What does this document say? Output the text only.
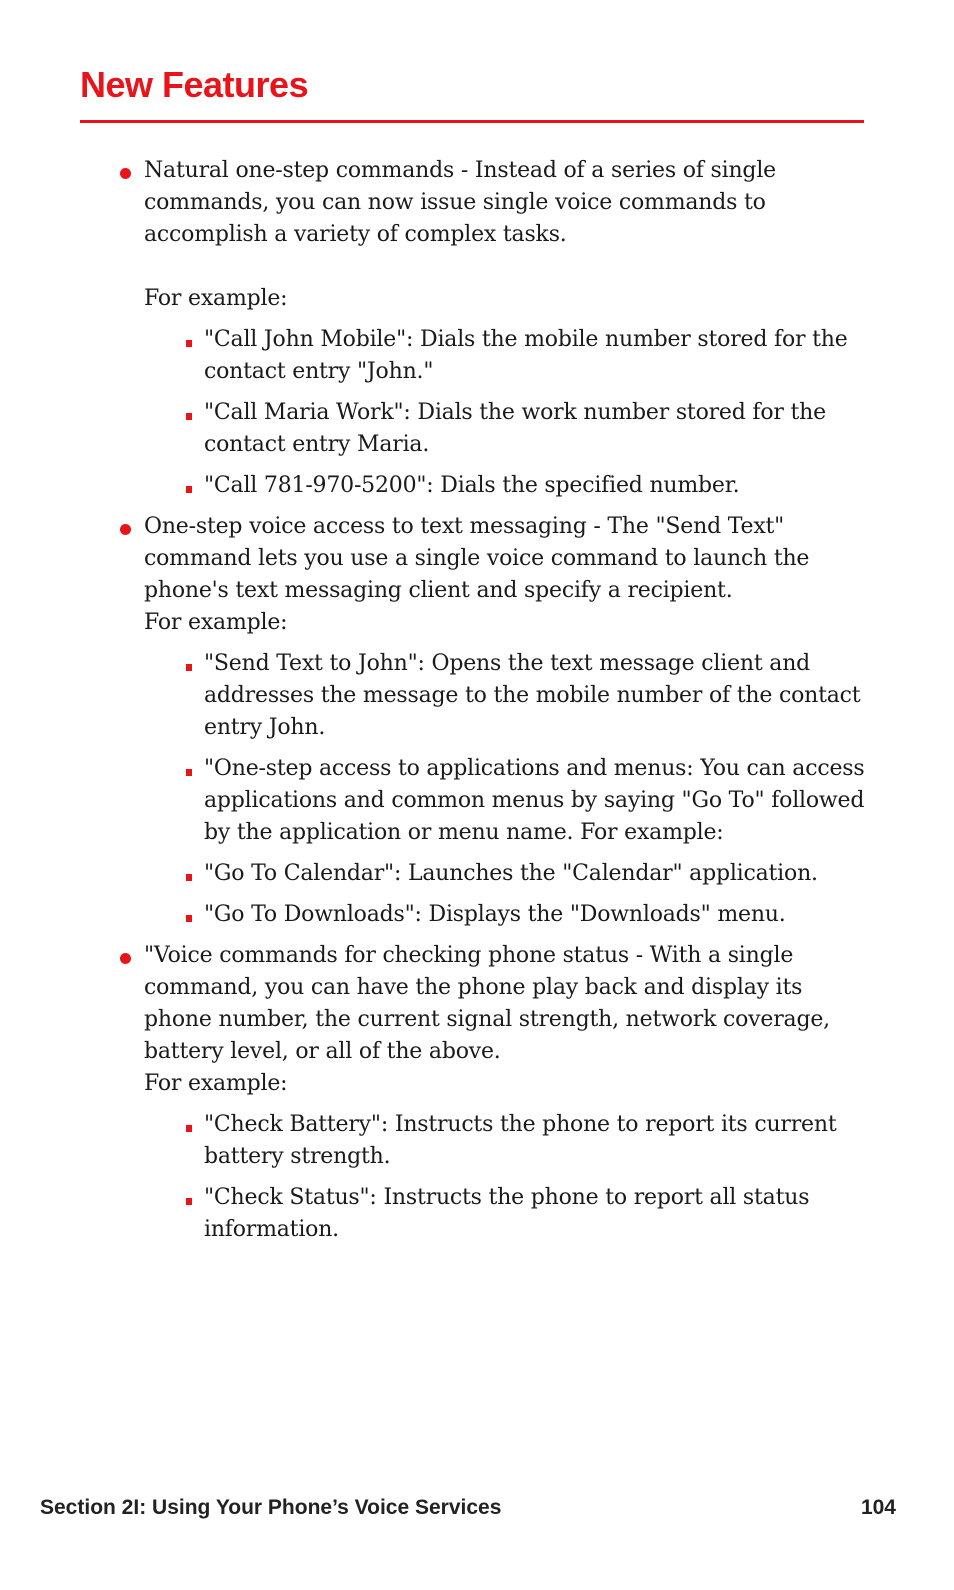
New Features
Natural one-step commands - Instead of a series of single commands, you can now issue single voice commands to accomplish a variety of complex tasks.
For example:
"Call John Mobile": Dials the mobile number stored for the contact entry "John."
"Call Maria Work": Dials the work number stored for the contact entry Maria.
"Call 781-970-5200": Dials the specified number.
One-step voice access to text messaging - The "Send Text" command lets you use a single voice command to launch the phone's text messaging client and specify a recipient.
For example:
"Send Text to John": Opens the text message client and addresses the message to the mobile number of the contact entry John.
"One-step access to applications and menus: You can access applications and common menus by saying "Go To" followed by the application or menu name. For example:
"Go To Calendar": Launches the "Calendar" application.
"Go To Downloads": Displays the "Downloads" menu.
"Voice commands for checking phone status - With a single command, you can have the phone play back and display its phone number, the current signal strength, network coverage, battery level, or all of the above.
For example:
"Check Battery": Instructs the phone to report its current battery strength.
"Check Status": Instructs the phone to report all status information.
Section 2I: Using Your Phone’s Voice Services	104
